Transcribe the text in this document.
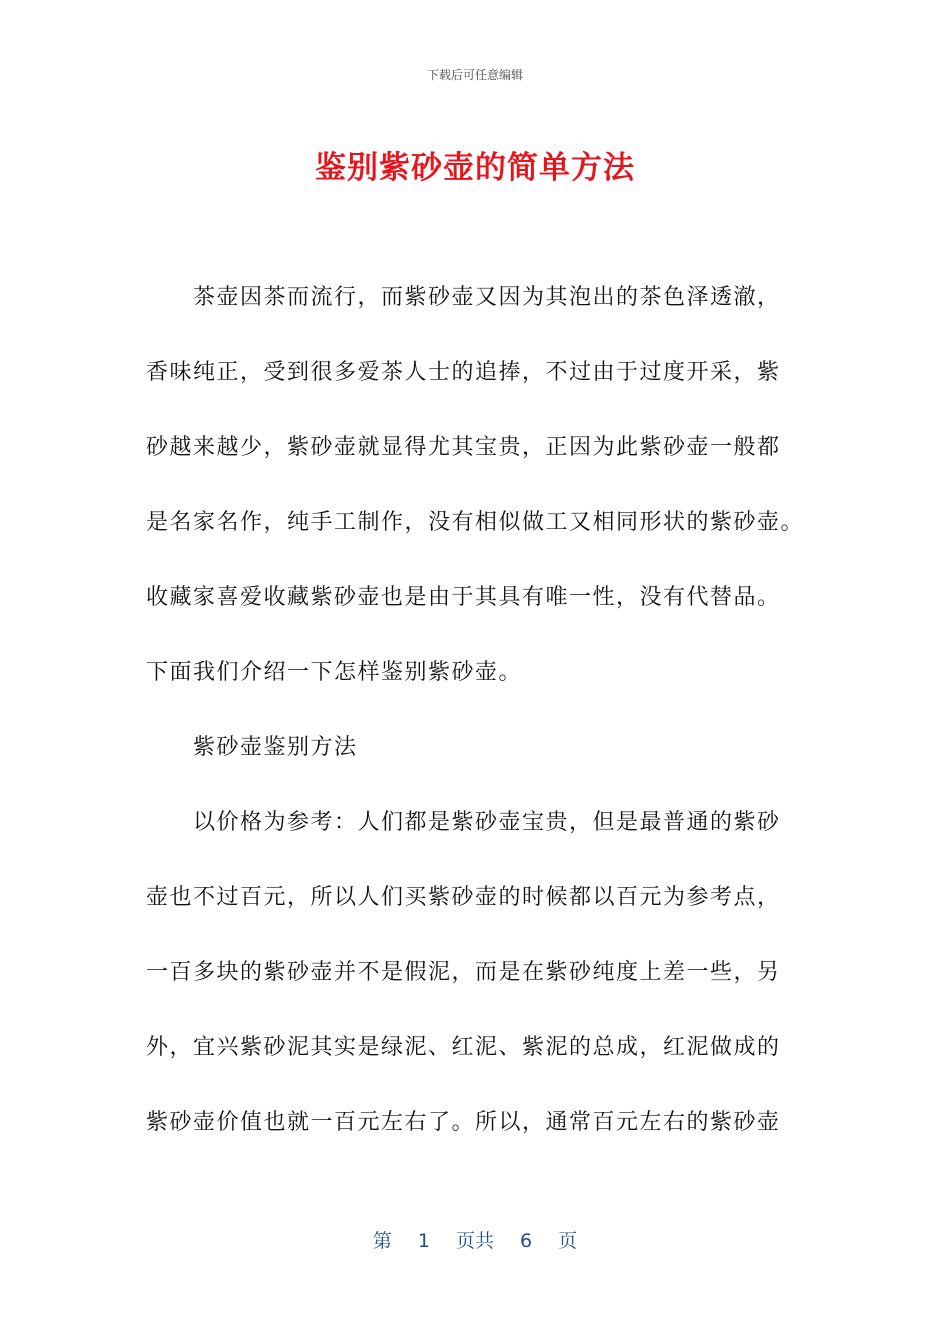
下载后可任意编辑
鉴别紫砂壶的简单方法
　　茶壶因茶而流行，而紫砂壶又因为其泡出的茶色泽透澈，
香味纯正，受到很多爱茶人士的追捧，不过由于过度开采，紫
砂越来越少，紫砂壶就显得尤其宝贵，正因为此紫砂壶一般都
是名家名作，纯手工制作，没有相似做工又相同形状的紫砂壶。
收藏家喜爱收藏紫砂壶也是由于其具有唯一性，没有代替品。
下面我们介绍一下怎样鉴别紫砂壶。
　　紫砂壶鉴别方法
　　以价格为参考：人们都是紫砂壶宝贵，但是最普通的紫砂
壶也不过百元，所以人们买紫砂壶的时候都以百元为参考点，
一百多块的紫砂壶并不是假泥，而是在紫砂纯度上差一些，另
外，宜兴紫砂泥其实是绿泥、红泥、紫泥的总成，红泥做成的
紫砂壶价值也就一百元左右了。所以，通常百元左右的紫砂壶
第 1 页共 6 页
